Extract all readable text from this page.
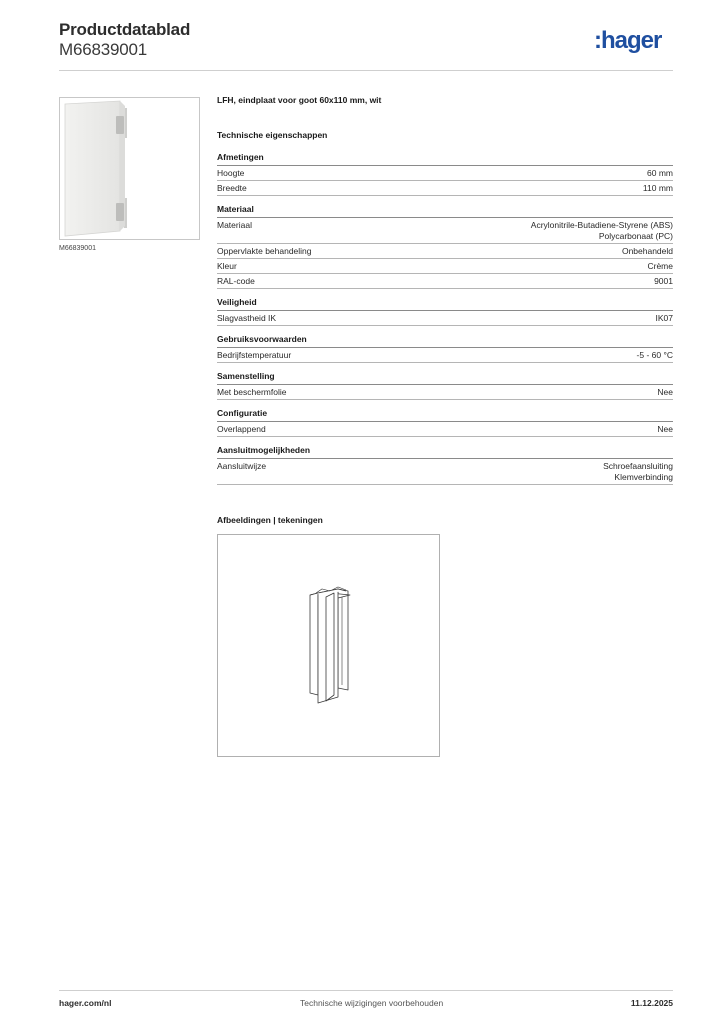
Productdatablad
M66839001	:hager
M66839001
LFH, eindplaat voor goot 60x110 mm, wit
Technische eigenschappen
Afmetingen
Hoogte	60 mm
Breedte	110 mm
Materiaal
Materiaal	Acrylonitrile-Butadiene-Styrene (ABS)
Polycarbonaat (PC)
Oppervlakte behandeling	Onbehandeld
Kleur	Crème
RAL-code	9001
Veiligheid
Slagvastheid IK	IK07
Gebruiksvoorwaarden
Bedrijfstemperatuur	-5 - 60 °C
Samenstelling
Met beschermfolie	Nee
Configuratie
Overlappend	Nee
Aansluitmogelijkheden
Aansluitwijze	Schroefaansluiting
Klemverbinding
Afbeeldingen | tekeningen
hager.com/nl	Technische wijzigingen voorbehouden	11.12.2025
